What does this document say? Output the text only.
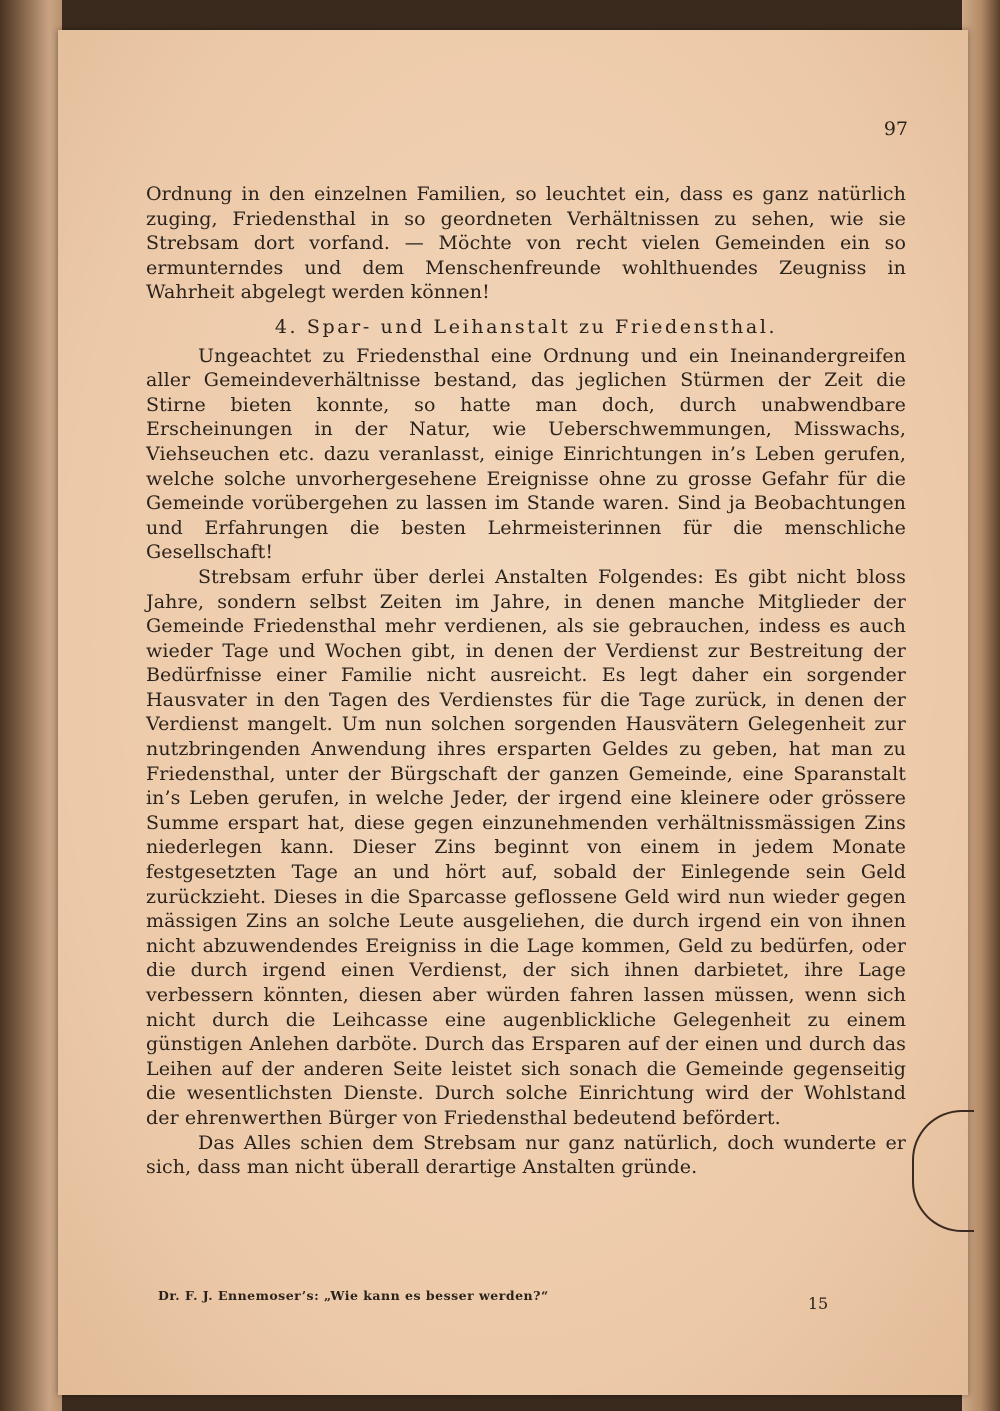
97

Ordnung in den einzelnen Familien, so leuchtet ein, dass es ganz natürlich zuging, Friedensthal in so geordneten Verhältnissen zu sehen, wie sie Strebsam dort vorfand. — Möchte von recht vielen Gemeinden ein so ermunterndes und dem Menschenfreunde wohlthuendes Zeugniss in Wahrheit abgelegt werden können!

4. Spar- und Leihanstalt zu Friedensthal.

Ungeachtet zu Friedensthal eine Ordnung und ein Ineinandergreifen aller Gemeindeverhältnisse bestand, das jeglichen Stürmen der Zeit die Stirne bieten konnte, so hatte man doch, durch unabwendbare Erscheinungen in der Natur, wie Ueberschwemmungen, Misswachs, Viehseuchen etc. dazu veranlasst, einige Einrichtungen in’s Leben gerufen, welche solche unvorhergesehene Ereignisse ohne zu grosse Gefahr für die Gemeinde vorübergehen zu lassen im Stande waren. Sind ja Beobachtungen und Erfahrungen die besten Lehrmeisterinnen für die menschliche Gesellschaft!

Strebsam erfuhr über derlei Anstalten Folgendes: Es gibt nicht bloss Jahre, sondern selbst Zeiten im Jahre, in denen manche Mitglieder der Gemeinde Friedensthal mehr verdienen, als sie gebrauchen, indess es auch wieder Tage und Wochen gibt, in denen der Verdienst zur Bestreitung der Bedürfnisse einer Familie nicht ausreicht. Es legt daher ein sorgender Hausvater in den Tagen des Verdienstes für die Tage zurück, in denen der Verdienst mangelt. Um nun solchen sorgenden Hausvätern Gelegenheit zur nutzbringenden Anwendung ihres ersparten Geldes zu geben, hat man zu Friedensthal, unter der Bürgschaft der ganzen Gemeinde, eine Sparanstalt in’s Leben gerufen, in welche Jeder, der irgend eine kleinere oder grössere Summe erspart hat, diese gegen einzunehmenden verhältnissmässigen Zins niederlegen kann. Dieser Zins beginnt von einem in jedem Monate festgesetzten Tage an und hört auf, sobald der Einlegende sein Geld zurückzieht. Dieses in die Sparcasse geflossene Geld wird nun wieder gegen mässigen Zins an solche Leute ausgeliehen, die durch irgend ein von ihnen nicht abzuwendendes Ereigniss in die Lage kommen, Geld zu bedürfen, oder die durch irgend einen Verdienst, der sich ihnen darbietet, ihre Lage verbessern könnten, diesen aber würden fahren lassen müssen, wenn sich nicht durch die Leihcasse eine augenblickliche Gelegenheit zu einem günstigen Anlehen darböte. Durch das Ersparen auf der einen und durch das Leihen auf der anderen Seite leistet sich sonach die Gemeinde gegenseitig die wesentlichsten Dienste. Durch solche Einrichtung wird der Wohlstand der ehrenwerthen Bürger von Friedensthal bedeutend befördert.

Das Alles schien dem Strebsam nur ganz natürlich, doch wunderte er sich, dass man nicht überall derartige Anstalten gründe.

Dr. F. J. Ennemoser’s: „Wie kann es besser werden?“	15
